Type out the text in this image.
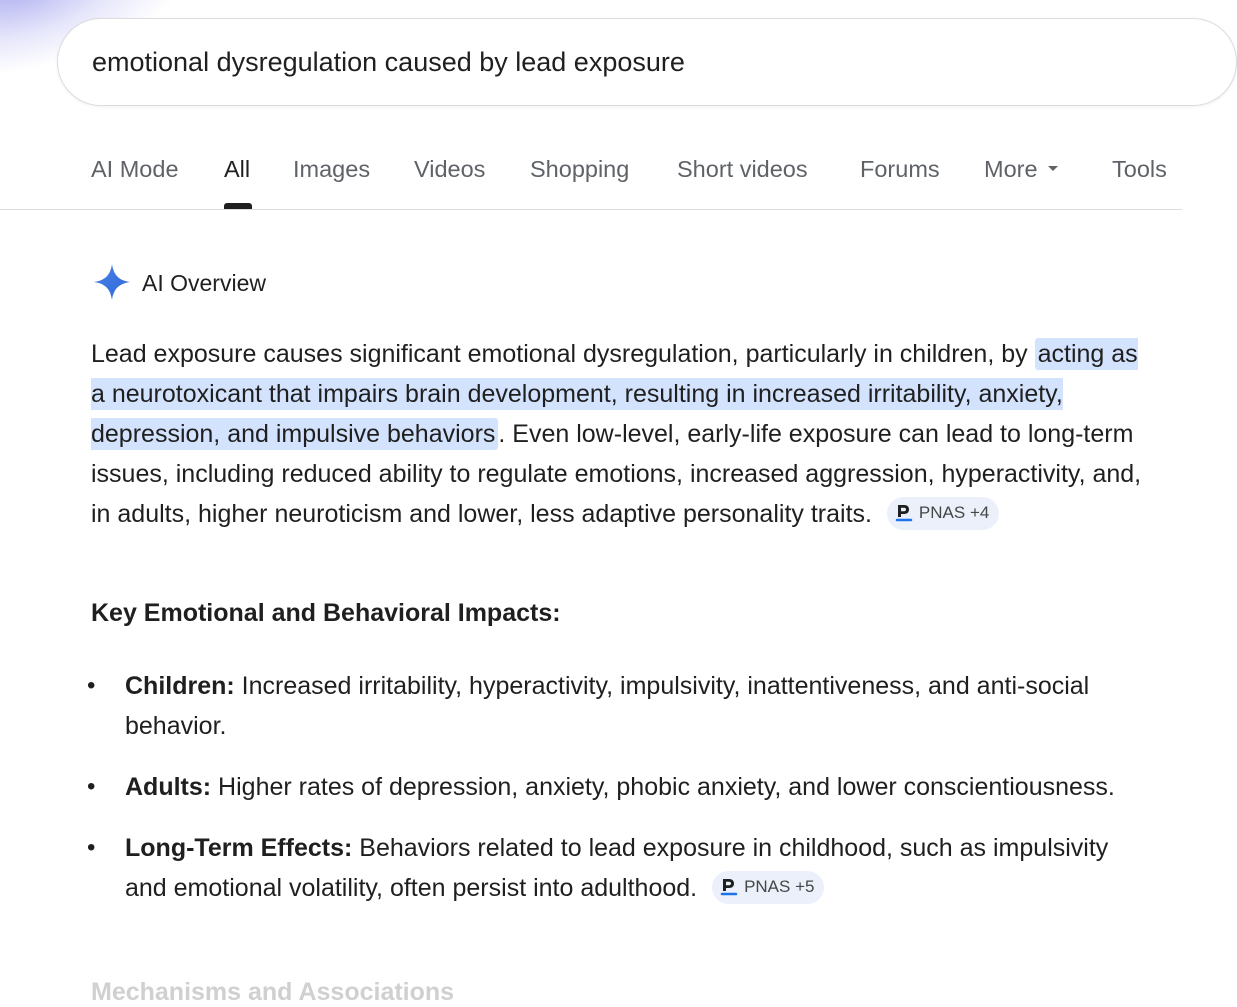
emotional dysregulation caused by lead exposure
AI Mode All Images Videos Shopping Short videos Forums More	Tools
AI Overview
Lead exposure causes significant emotional dysregulation, particularly in children, by acting as a neurotoxicant that impairs brain development, resulting in increased irritability, anxiety, depression, and impulsive behaviors . Even low-level, early-life exposure can lead to long-term issues, including reduced ability to regulate emotions, increased aggression, hyperactivity, and, in adults, higher neuroticism and lower, less adaptive personality traits.	PNAS +4
Key Emotional and Behavioral Impacts:
• Children: Increased irritability, hyperactivity, impulsivity, inattentiveness, and anti-social behavior.
• Adults: Higher rates of depression, anxiety, phobic anxiety, and lower conscientiousness.
• Long-Term Effects: Behaviors related to lead exposure in childhood, such as impulsivity and emotional volatility, often persist into adulthood.	PNAS +5
Mechanisms and Associations
